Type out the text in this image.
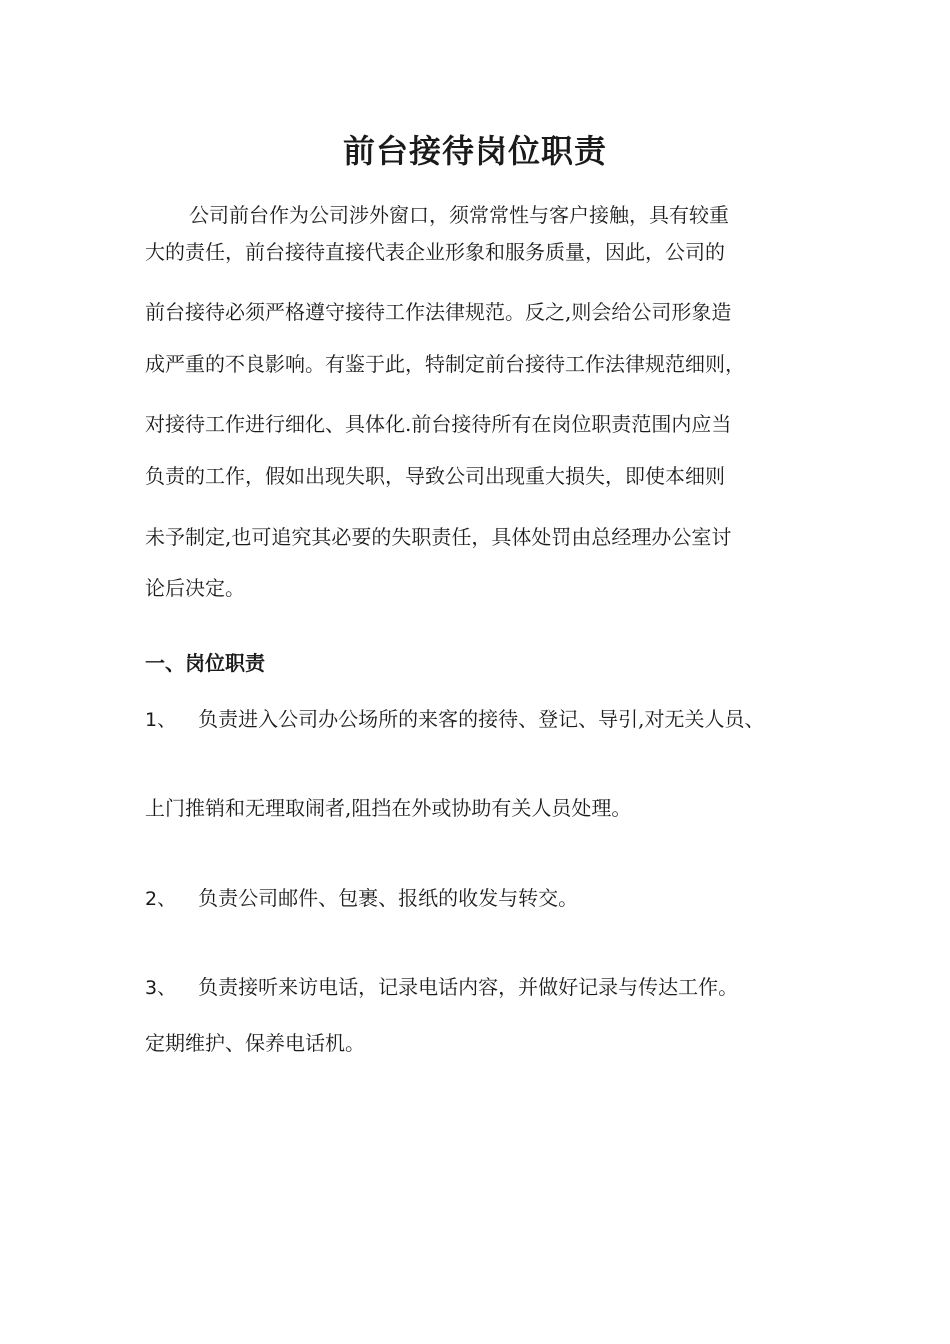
前台接待岗位职责

公司前台作为公司涉外窗口，须常常性与客户接触，具有较重

大的责任，前台接待直接代表企业形象和服务质量，因此，公司的

前台接待必须严格遵守接待工作法律规范。反之,则会给公司形象造

成严重的不良影响。有鉴于此，特制定前台接待工作法律规范细则，

对接待工作进行细化、具体化.前台接待所有在岗位职责范围内应当

负责的工作，假如出现失职，导致公司出现重大损失，即使本细则

未予制定,也可追究其必要的失职责任，具体处罚由总经理办公室讨

论后决定。

一、岗位职责

1、 负责进入公司办公场所的来客的接待、登记、导引,对无关人员、

上门推销和无理取闹者,阻挡在外或协助有关人员处理。

2、 负责公司邮件、包裹、报纸的收发与转交。

3、 负责接听来访电话，记录电话内容，并做好记录与传达工作。

定期维护、保养电话机。
